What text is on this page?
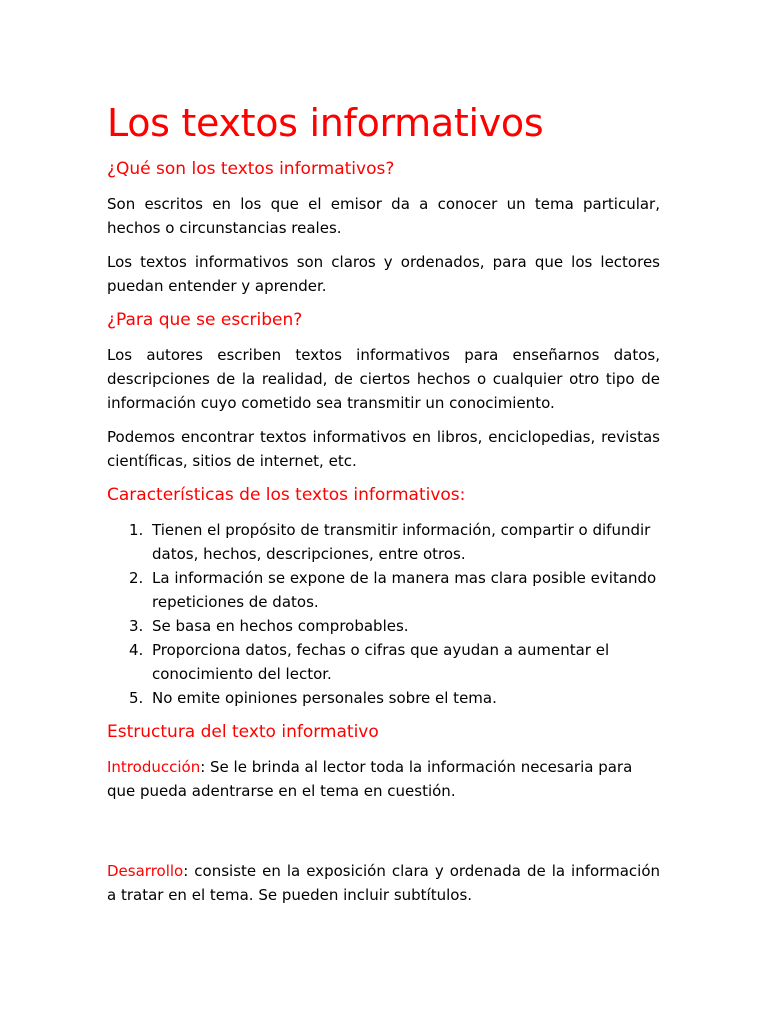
Los textos informativos
¿Qué son los textos informativos?

Son escritos en los que el emisor da a conocer un tema particular, hechos o circunstancias reales.

Los textos informativos son claros y ordenados, para que los lectores puedan entender y aprender.

¿Para que se escriben?

Los autores escriben textos informativos para enseñarnos datos, descripciones de la realidad, de ciertos hechos o cualquier otro tipo de información cuyo cometido sea transmitir un conocimiento.

Podemos encontrar textos informativos en libros, enciclopedias, revistas científicas, sitios de internet, etc.

Características de los textos informativos:
1. Tienen el propósito de transmitir información, compartir o difundir datos, hechos, descripciones, entre otros.
2. La información se expone de la manera mas clara posible evitando repeticiones de datos.
3. Se basa en hechos comprobables.
4. Proporciona datos, fechas o cifras que ayudan a aumentar el conocimiento del lector.
5. No emite opiniones personales sobre el tema.
Estructura del texto informativo

Introducción: Se le brinda al lector toda la información necesaria para que pueda adentrarse en el tema en cuestión.

Desarrollo: consiste en la exposición clara y ordenada de la información a tratar en el tema. Se pueden incluir subtítulos.
